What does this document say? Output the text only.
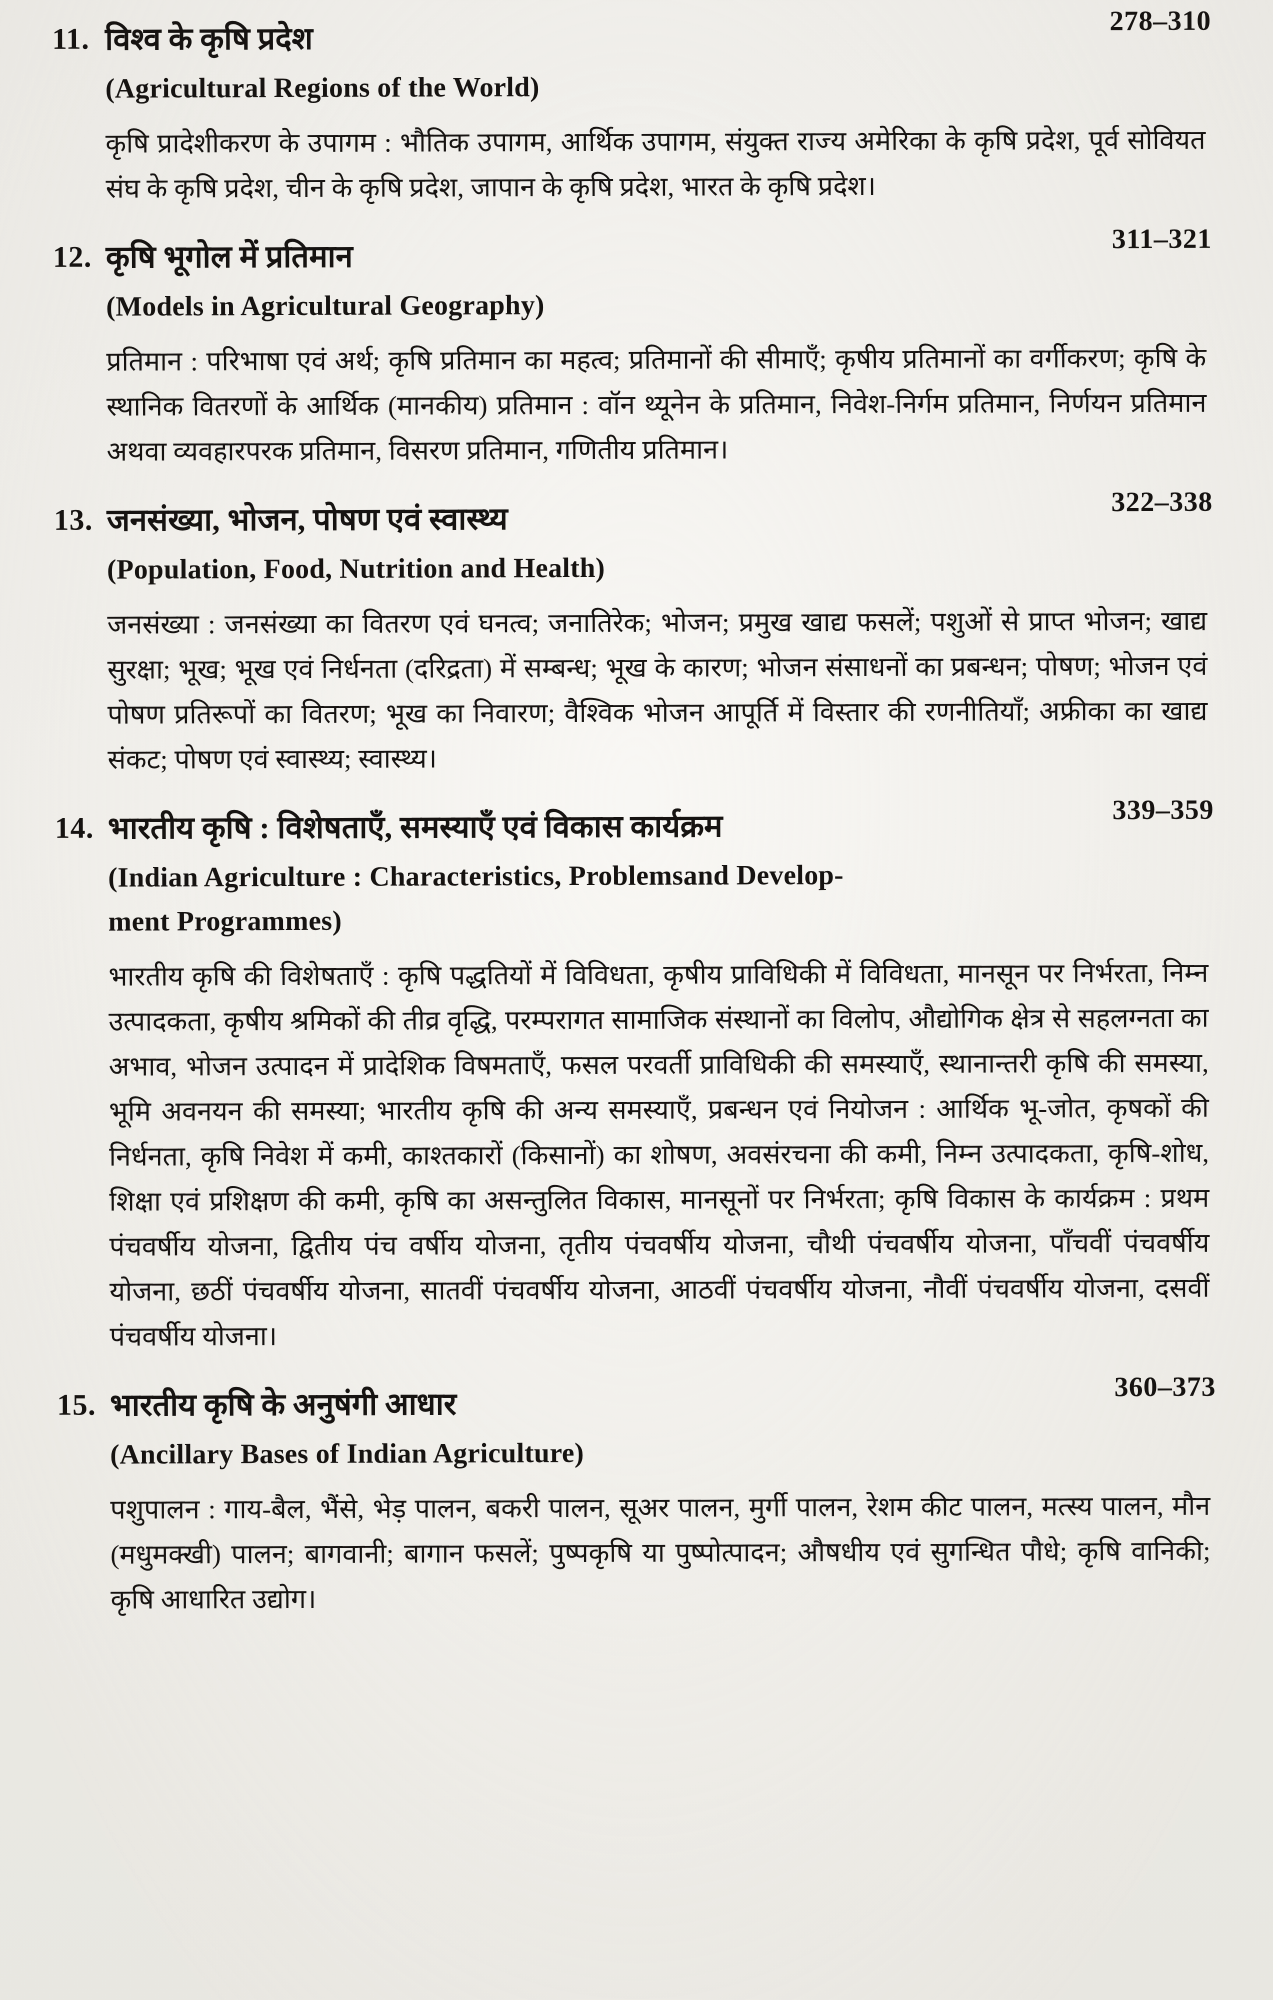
11. विश्व के कृषि प्रदेश
(Agricultural Regions of the World)
278–310

कृषि प्रादेशीकरण के उपागम : भौतिक उपागम, आर्थिक उपागम, संयुक्त राज्य अमेरिका के कृषि प्रदेश, पूर्व सोवियत संघ के कृषि प्रदेश, चीन के कृषि प्रदेश, जापान के कृषि प्रदेश, भारत के कृषि प्रदेश।

12. कृषि भूगोल में प्रतिमान
(Models in Agricultural Geography)
311–321

प्रतिमान : परिभाषा एवं अर्थ; कृषि प्रतिमान का महत्व; प्रतिमानों की सीमाएँ; कृषीय प्रतिमानों का वर्गीकरण; कृषि के स्थानिक वितरणों के आर्थिक (मानकीय) प्रतिमान : वॉन थ्यूनेन के प्रतिमान, निवेश-निर्गम प्रतिमान, निर्णयन प्रतिमान अथवा व्यवहारपरक प्रतिमान, विसरण प्रतिमान, गणितीय प्रतिमान।

13. जनसंख्या, भोजन, पोषण एवं स्वास्थ्य
(Population, Food, Nutrition and Health)
322–338

जनसंख्या : जनसंख्या का वितरण एवं घनत्व; जनातिरेक; भोजन; प्रमुख खाद्य फसलें; पशुओं से प्राप्त भोजन; खाद्य सुरक्षा; भूख; भूख एवं निर्धनता (दरिद्रता) में सम्बन्ध; भूख के कारण; भोजन संसाधनों का प्रबन्धन; पोषण; भोजन एवं पोषण प्रतिरूपों का वितरण; भूख का निवारण; वैश्विक भोजन आपूर्ति में विस्तार की रणनीतियाँ; अफ्रीका का खाद्य संकट; पोषण एवं स्वास्थ्य; स्वास्थ्य।

14. भारतीय कृषि : विशेषताएँ, समस्याएँ एवं विकास कार्यक्रम
(Indian Agriculture : Characteristics, Problemsand Develop-
ment Programmes)
339–359

भारतीय कृषि की विशेषताएँ : कृषि पद्धतियों में विविधता, कृषीय प्राविधिकी में विविधता, मानसून पर निर्भरता, निम्न उत्पादकता, कृषीय श्रमिकों की तीव्र वृद्धि, परम्परागत सामाजिक संस्थानों का विलोप, औद्योगिक क्षेत्र से सहलग्नता का अभाव, भोजन उत्पादन में प्रादेशिक विषमताएँ, फसल परवर्ती प्राविधिकी की समस्याएँ, स्थानान्तरी कृषि की समस्या, भूमि अवनयन की समस्या; भारतीय कृषि की अन्य समस्याएँ, प्रबन्धन एवं नियोजन : आर्थिक भू-जोत, कृषकों की निर्धनता, कृषि निवेश में कमी, काश्तकारों (किसानों) का शोषण, अवसंरचना की कमी, निम्न उत्पादकता, कृषि-शोध, शिक्षा एवं प्रशिक्षण की कमी, कृषि का असन्तुलित विकास, मानसूनों पर निर्भरता; कृषि विकास के कार्यक्रम : प्रथम पंचवर्षीय योजना, द्वितीय पंच वर्षीय योजना, तृतीय पंचवर्षीय योजना, चौथी पंचवर्षीय योजना, पाँचवीं पंचवर्षीय योजना, छठीं पंचवर्षीय योजना, सातवीं पंचवर्षीय योजना, आठवीं पंचवर्षीय योजना, नौवीं पंचवर्षीय योजना, दसवीं पंचवर्षीय योजना।

15. भारतीय कृषि के अनुषंगी आधार
(Ancillary Bases of Indian Agriculture)
360–373

पशुपालन : गाय-बैल, भैंसे, भेड़ पालन, बकरी पालन, सूअर पालन, मुर्गी पालन, रेशम कीट पालन, मत्स्य पालन, मौन (मधुमक्खी) पालन; बागवानी; बागान फसलें; पुष्पकृषि या पुष्पोत्पादन; औषधीय एवं सुगन्धित पौधे; कृषि वानिकी; कृषि आधारित उद्योग।
